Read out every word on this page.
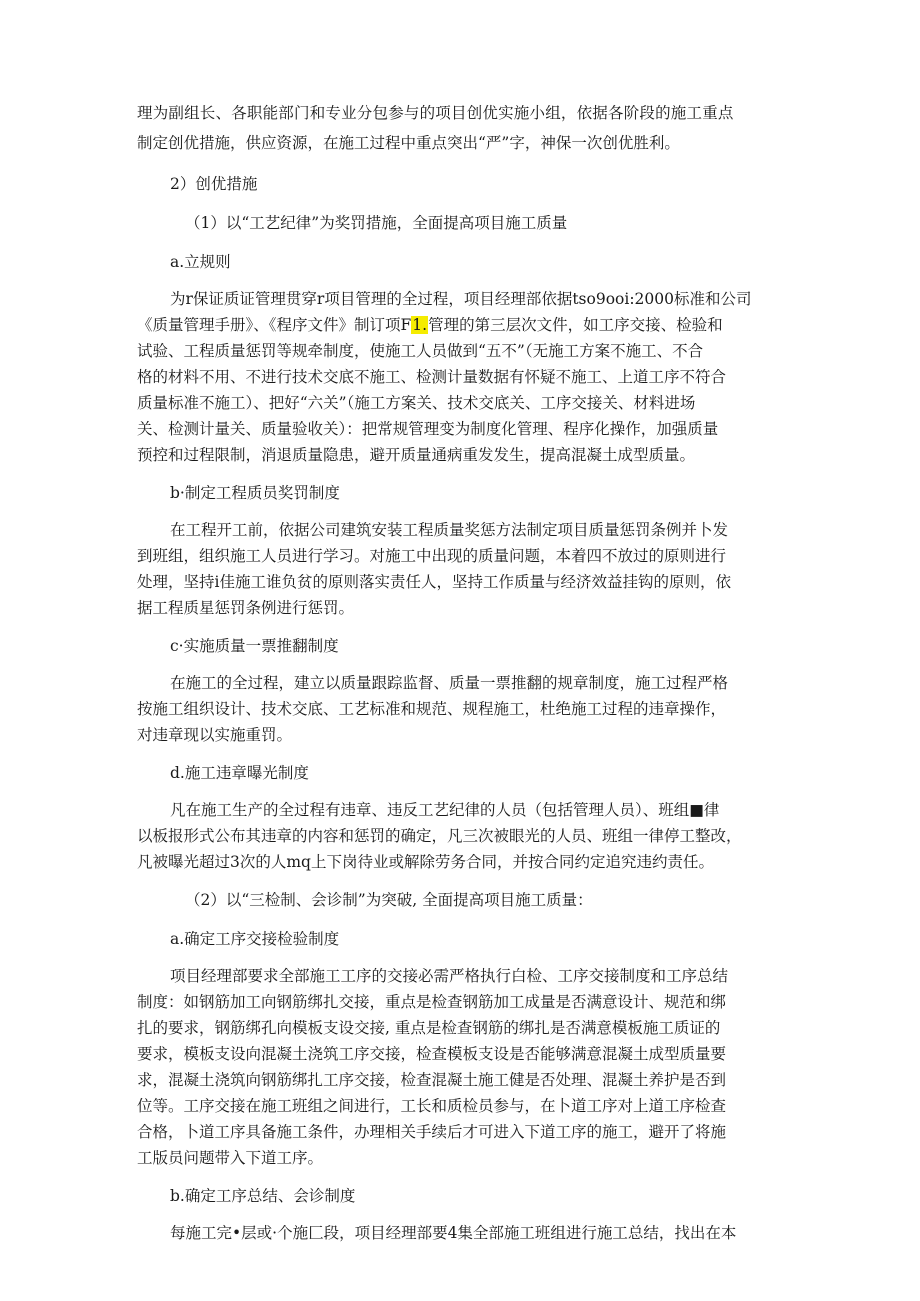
理为副组长、各职能部门和专业分包参与的项目创优实施小组，依据各阶段的施工重点
制定创优措施，供应资源，在施工过程中重点突出“严”字，神保一次创优胜利。
2）创优措施
（1）以“工艺纪律”为奖罚措施，全面提高项目施工质量
a.立规则
为r保证质证管理贯穿r项目管理的全过程，项目经理部依据tso9ooi:2000标准和公司
《质量管理手册》、《程序文件》制订项F1.管理的第三层次文件，如工序交接、检验和
试验、工程质量惩罚等规牵制度，使施工人员做到“五不”（无施工方案不施工、不合
格的材料不用、不进行技术交底不施工、检测计量数据有怀疑不施工、上道工序不符合
质量标准不施工）、把好“六关”（施工方案关、技术交底关、工序交接关、材料进场
关、检测计量关、质量验收关）：把常规管理变为制度化管理、程序化操作，加强质量
预控和过程限制，消退质量隐患，避开质量通病重发发生，提高混凝土成型质量。
b·制定工程质员奖罚制度
在工程开工前，依据公司建筑安装工程质量奖惩方法制定项目质量惩罚条例并卜发
到班组，组织施工人员进行学习。对施工中出现的质量问题，本着四不放过的原则进行
处理，坚持i佳施工谁负贫的原则落实责任人，坚持工作质量与经济效益挂钩的原则，依
据工程质星惩罚条例进行惩罚。
c·实施质量一票推翻制度
在施工的全过程，建立以质量跟踪监督、质量一票推翻的规章制度，施工过程严格
按施工组织设计、技术交底、工艺标准和规范、规程施工，杜绝施工过程的违章操作，
对违章现以实施重罚。
d.施工违章曝光制度
凡在施工生产的全过程有违章、违反工艺纪律的人员（包括管理人员）、班组■律
以板报形式公布其违章的内容和惩罚的确定，凡三次被眼光的人员、班组一律停工整改，
凡被曝光超过3次的人mq上下岗待业或解除劳务合同，并按合同约定追究违约责任。
（2）以“三检制、会诊制”为突破, 全面提高项目施工质量：
a.确定工序交接检验制度
项目经理部要求全部施工工序的交接必需严格执行白检、工序交接制度和工序总结
制度：如钢筋加工向钢筋绑扎交接，重点是检查钢筋加工成量是否满意设计、规范和绑
扎的要求，钢筋绑孔向模板支设交接, 重点是检查钢筋的绑扎是否满意模板施工质证的
要求，模板支设向混凝土浇筑工序交接，检查模板支设是否能够满意混凝土成型质量要
求，混凝土浇筑向钢筋绑扎工序交接，检查混凝土施工健是否处理、混凝土养护是否到
位等。工序交接在施工班组之间进行，工长和质检员参与，在卜道工序对上道工序检查
合格，卜道工序具备施工条件，办理相关手续后才可进入下道工序的施工，避开了将施
工版员问题带入下道工序。
b.确定工序总结、会诊制度
每施工完•层或·个施匚段，项目经理部要4集全部施工班组进行施工总结，找出在本
